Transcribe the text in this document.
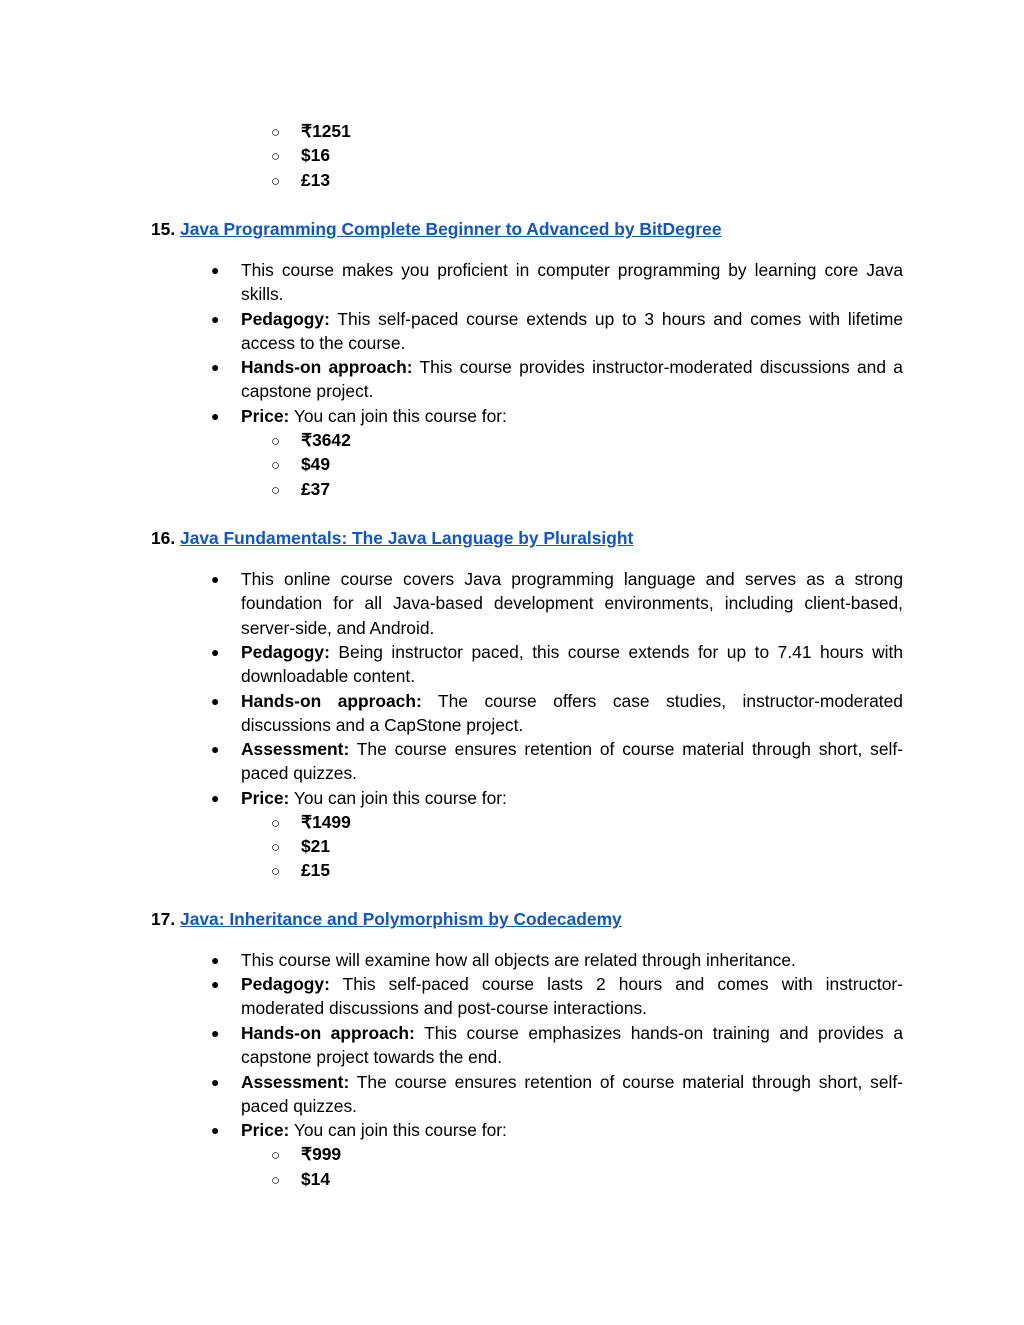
○ ₹1251
○ $16
○ £13
15. Java Programming Complete Beginner to Advanced by BitDegree
●	This course makes you proficient in computer programming by learning core Java skills.
●	Pedagogy: This self-paced course extends up to 3 hours and comes with lifetime access to the course.
●	Hands-on approach: This course provides instructor-moderated discussions and a capstone project.
●	Price: You can join this course for:
○ ₹3642
○ $49
○ £37
16. Java Fundamentals: The Java Language by Pluralsight
●	This online course covers Java programming language and serves as a strong foundation for all Java-based development environments, including client-based, server-side, and Android.
●	Pedagogy: Being instructor paced, this course extends for up to 7.41 hours with downloadable content.
●	Hands-on approach: The course offers case studies, instructor-moderated discussions and a CapStone project.
●	Assessment: The course ensures retention of course material through short, self-paced quizzes.
●	Price: You can join this course for:
○ ₹1499
○ $21
○ £15
17. Java: Inheritance and Polymorphism by Codecademy
●	This course will examine how all objects are related through inheritance.
●	Pedagogy: This self-paced course lasts 2 hours and comes with instructor-moderated discussions and post-course interactions.
●	Hands-on approach: This course emphasizes hands-on training and provides a capstone project towards the end.
●	Assessment: The course ensures retention of course material through short, self-paced quizzes.
●	Price: You can join this course for:
○ ₹999
○ $14
